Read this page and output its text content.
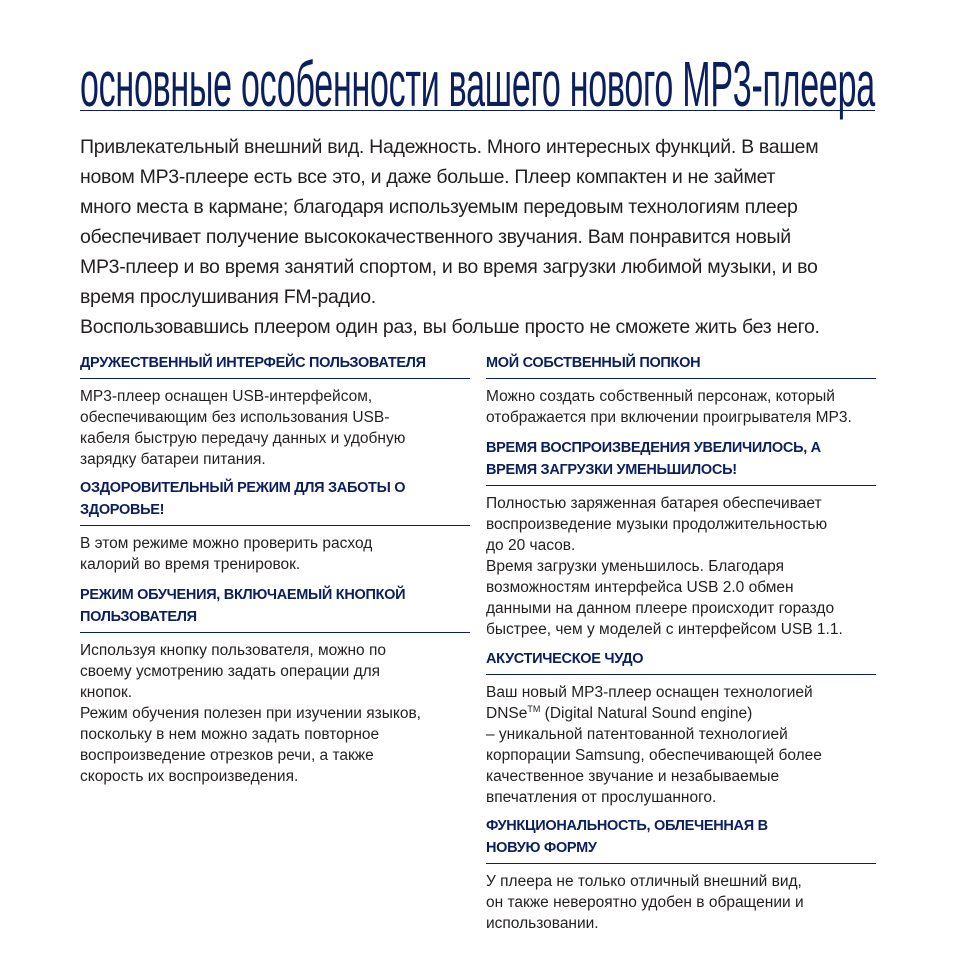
основные особенности вашего нового MP3-плеера
Привлекательный внешний вид. Надежность. Много интересных функций. В вашем
новом MP3-плеере есть все это, и даже больше. Плеер компактен и не займет
много места в кармане; благодаря используемым передовым технологиям плеер
обеспечивает получение высококачественного звучания. Вам понравится новый
MP3-плеер и во время занятий спортом, и во время загрузки любимой музыки, и во
время прослушивания FM-радио.
Воспользовавшись плеером один раз, вы больше просто не сможете жить без него.
ДРУЖЕСТВЕННЫЙ ИНТЕРФЕЙС ПОЛЬЗОВАТЕЛЯ
MP3-плеер оснащен USB-интерфейсом,
обеспечивающим без использования USB-
кабеля быструю передачу данных и удобную
зарядку батареи питания.
ОЗДОРОВИТЕЛЬНЫЙ РЕЖИМ ДЛЯ ЗАБОТЫ О
ЗДОРОВЬЕ!
В этом режиме можно проверить расход
калорий во время тренировок.
РЕЖИМ ОБУЧЕНИЯ, ВКЛЮЧАЕМЫЙ КНОПКОЙ
ПОЛЬЗОВАТЕЛЯ
Используя кнопку пользователя, можно по
своему усмотрению задать операции для
кнопок.
Режим обучения полезен при изучении языков,
поскольку в нем можно задать повторное
воспроизведение отрезков речи, а также
скорость их воспроизведения.
МОЙ СОБСТВЕННЫЙ ПОПКОН
Можно создать собственный персонаж, который
отображается при включении проигрывателя MP3.
ВРЕМЯ ВОСПРОИЗВЕДЕНИЯ УВЕЛИЧИЛОСЬ, А
ВРЕМЯ ЗАГРУЗКИ УМЕНЬШИЛОСЬ!
Полностью заряженная батарея обеспечивает
воспроизведение музыки продолжительностью
до 20 часов.
Время загрузки уменьшилось. Благодаря
возможностям интерфейса USB 2.0 обмен
данными на данном плеере происходит гораздо
быстрее, чем у моделей с интерфейсом USB 1.1.
АКУСТИЧЕСКОЕ ЧУДО
Ваш новый MP3-плеер оснащен технологией
DNSe™ (Digital Natural Sound engine)
– уникальной патентованной технологией
корпорации Samsung, обеспечивающей более
качественное звучание и незабываемые
впечатления от прослушанного.
ФУНКЦИОНАЛЬНОСТЬ, ОБЛЕЧЕННАЯ В
НОВУЮ ФОРМУ
У плеера не только отличный внешний вид,
он также невероятно удобен в обращении и
использовании.
